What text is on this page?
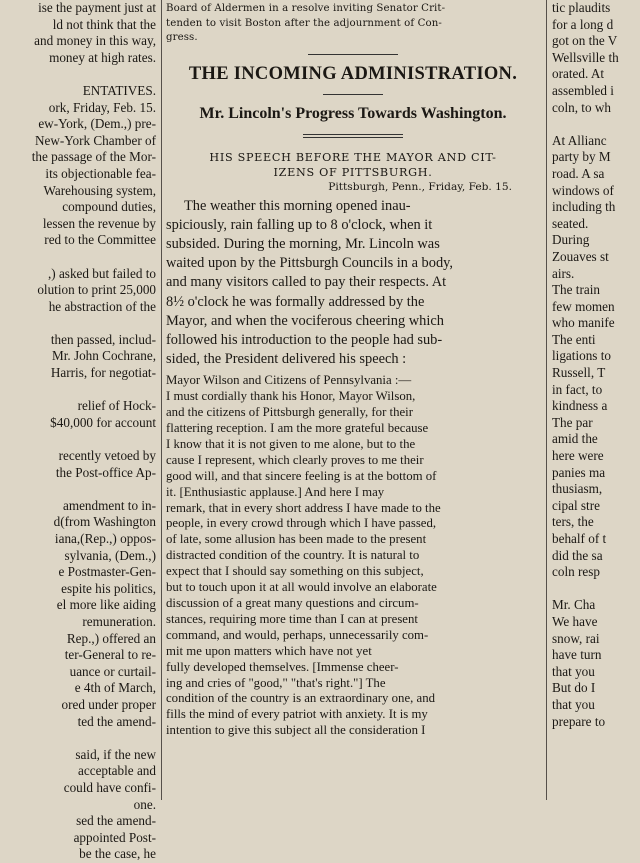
ise the payment just at
ld not think that the
and money in this way,
money at high rates.

ENTATIVES.
ork, Friday, Feb. 15.
ew-York, (Dem.,) pre-
New-York Chamber of
the passage of the Mor-
its objectionable fea-
Warehousing system,
compound duties,
lessen the revenue by
red to the Committee

,) asked but failed to
olution to print 25,000
he abstraction of the

then passed, includ-
Mr. John Cochrane,
Harris, for negotiat-

relief of Hock-
$40,000 for account

recently vetoed by
the Post-office Ap-

amendment to in-
d(from Washington
iana,(Rep.,) oppos-
sylvania, (Dem.,)
e Postmaster-Gen-
espite his politics,
el more like aiding
remuneration.
Rep.,) offered an
ter-General to re-
uance or curtail-
e 4th of March,
ored under proper
ted the amend-

said, if the new
acceptable and
could have confi-
one.
sed the amend-
appointed Post-
be the case, he
Board of Aldermen in a resolve inviting Senator Crit-
tenden to visit Boston after the adjournment of Con-
gress.
THE INCOMING ADMINISTRATION.
Mr. Lincoln's Progress Towards Washington.
HIS SPEECH BEFORE THE MAYOR AND CIT-
IZENS OF PITTSBURGH.
Pittsburgh, Penn., Friday, Feb. 15.
The weather this morning opened inau-
spiciously, rain falling up to 8 o'clock, when it
subsided. During the morning, Mr. Lincoln was
waited upon by the Pittsburgh Councils in a body,
and many visitors called to pay their respects. At
8½ o'clock he was formally addressed by the
Mayor, and when the vociferous cheering which
followed his introduction to the people had sub-
sided, the President delivered his speech :
Mayor Wilson and Citizens of Pennsylvania :—
I must cordially thank his Honor, Mayor Wilson,
and the citizens of Pittsburgh generally, for their
flattering reception. I am the more grateful because
I know that it is not given to me alone, but to the
cause I represent, which clearly proves to me their
good will, and that sincere feeling is at the bottom of
it. [Enthusiastic applause.] And here I may
remark, that in every short address I have made to the
people, in every crowd through which I have passed,
of late, some allusion has been made to the present
distracted condition of the country. It is natural to
expect that I should say something on this subject,
but to touch upon it at all would involve an elaborate
discussion of a great many questions and circum-
stances, requiring more time than I can at present
command, and would, perhaps, unnecessarily com-
mit me upon matters which have not yet
fully developed themselves. [Immense cheer-
ing and cries of "good," "that's right."] The
condition of the country is an extraordinary one, and
fills the mind of every patriot with anxiety. It is my
intention to give this subject all the consideration I
tic plaudits
for a long d
got on the V
Wellsville th
orated. At
assembled i
coln, to wh

At Allianc
party by M
road. A sa
windows of
including th
seated.
During
Zouaves st
airs.
The train
few momen
who manife
The enti
ligations to
Russell, T
in fact, to
kindness a
The par
amid the
here were
panies ma
thusiasm,
cipal stre
ters, the
behalf of t
did the sa
coln resp

Mr. Cha
We have
snow, rai
have turn
that you
But do I
that you
prepare to
